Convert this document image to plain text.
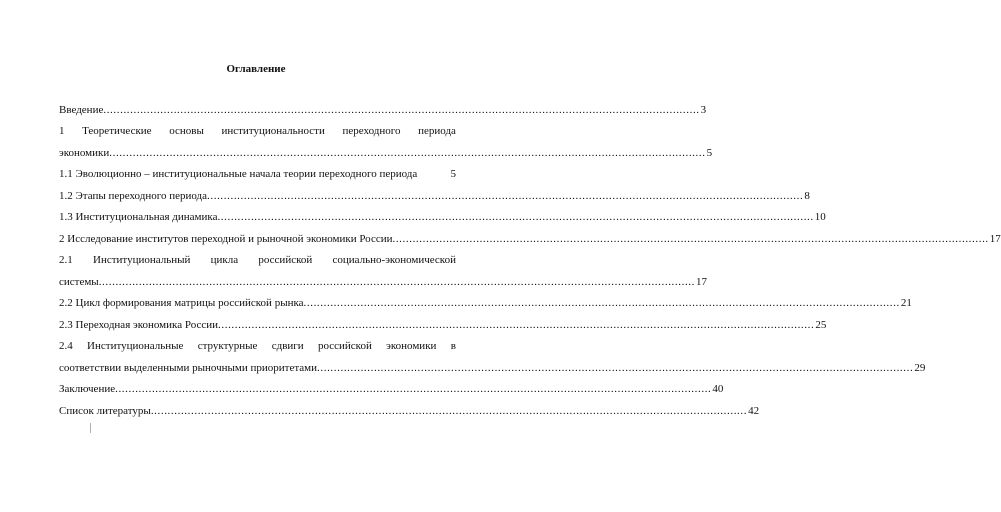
Оглавление
Введение .................................................................................................................................................................................. 3
1 Теоретические основы институциональности переходного периода
экономики .................................................................................................................................................................................. 5
1.1 Эволюционно – институциональные начала теории переходного периода	5
1.2 Этапы переходного периода .................................................................................................................................................................................. 8
1.3 Институциональная динамика .................................................................................................................................................................................. 10
2 Исследование институтов переходной и рыночной экономики России .................................................................................................................................................................................. 17
2.1 Институциональный цикла российской социально-экономической
системы .................................................................................................................................................................................. 17
2.2 Цикл формирования матрицы российской рынка .................................................................................................................................................................................. 21
2.3 Переходная экономика России .................................................................................................................................................................................. 25
2.4 Институциональные структурные сдвиги российской экономики в
соответствии выделенными рыночными приоритетами .................................................................................................................................................................................. 29
Заключение .................................................................................................................................................................................. 40
Список литературы .................................................................................................................................................................................. 42
